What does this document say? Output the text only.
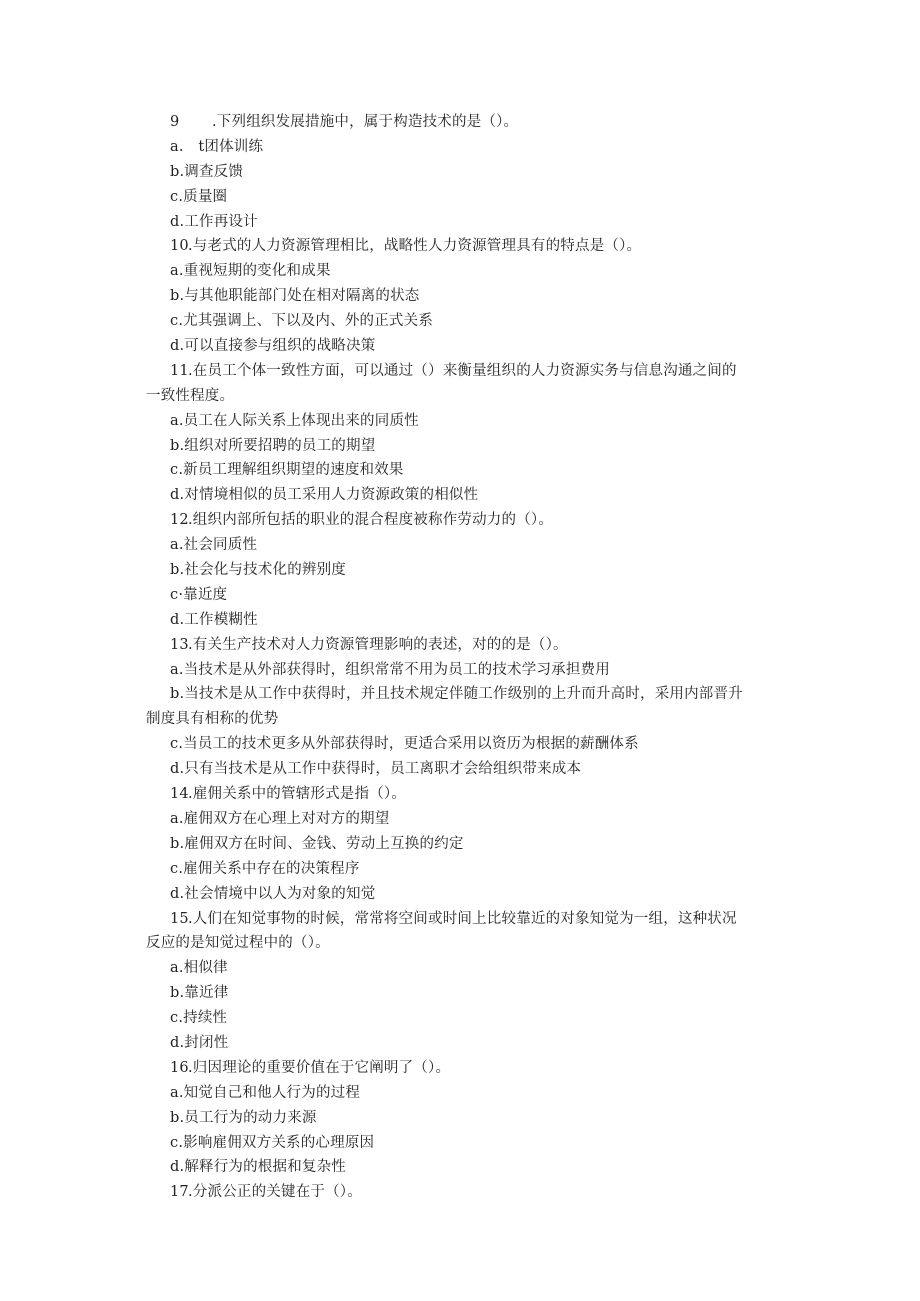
9 .下列组织发展措施中，属于构造技术的是（）。
a.　t团体训练
b.调查反馈
c.质量圈
d.工作再设计
10.与老式的人力资源管理相比，战略性人力资源管理具有的特点是（）。
a.重视短期的变化和成果
b.与其他职能部门处在相对隔离的状态
c.尤其强调上、下以及内、外的正式关系
d.可以直接参与组织的战略决策
11.在员工个体一致性方面，可以通过（）来衡量组织的人力资源实务与信息沟通之间的
一致性程度。
a.员工在人际关系上体现出来的同质性
b.组织对所要招聘的员工的期望
c.新员工理解组织期望的速度和效果
d.对情境相似的员工采用人力资源政策的相似性
12.组织内部所包括的职业的混合程度被称作劳动力的（）。
a.社会同质性
b.社会化与技术化的辨别度
c·靠近度
d.工作模糊性
13.有关生产技术对人力资源管理影响的表述，对的的是（）。
a.当技术是从外部获得时，组织常常不用为员工的技术学习承担费用
b.当技术是从工作中获得时，并且技术规定伴随工作级别的上升而升高时，采用内部晋升
制度具有相称的优势
c.当员工的技术更多从外部获得时，更适合采用以资历为根据的薪酬体系
d.只有当技术是从工作中获得时，员工离职才会给组织带来成本
14.雇佣关系中的管辖形式是指（）。
a.雇佣双方在心理上对对方的期望
b.雇佣双方在时间、金钱、劳动上互换的约定
c.雇佣关系中存在的决策程序
d.社会情境中以人为对象的知觉
15.人们在知觉事物的时候，常常将空间或时间上比较靠近的对象知觉为一组，这种状况
反应的是知觉过程中的（）。
a.相似律
b.靠近律
c.持续性
d.封闭性
16.归因理论的重要价值在于它阐明了（）。
a.知觉自己和他人行为的过程
b.员工行为的动力来源
c.影响雇佣双方关系的心理原因
d.解释行为的根据和复杂性
17.分派公正的关键在于（）。
